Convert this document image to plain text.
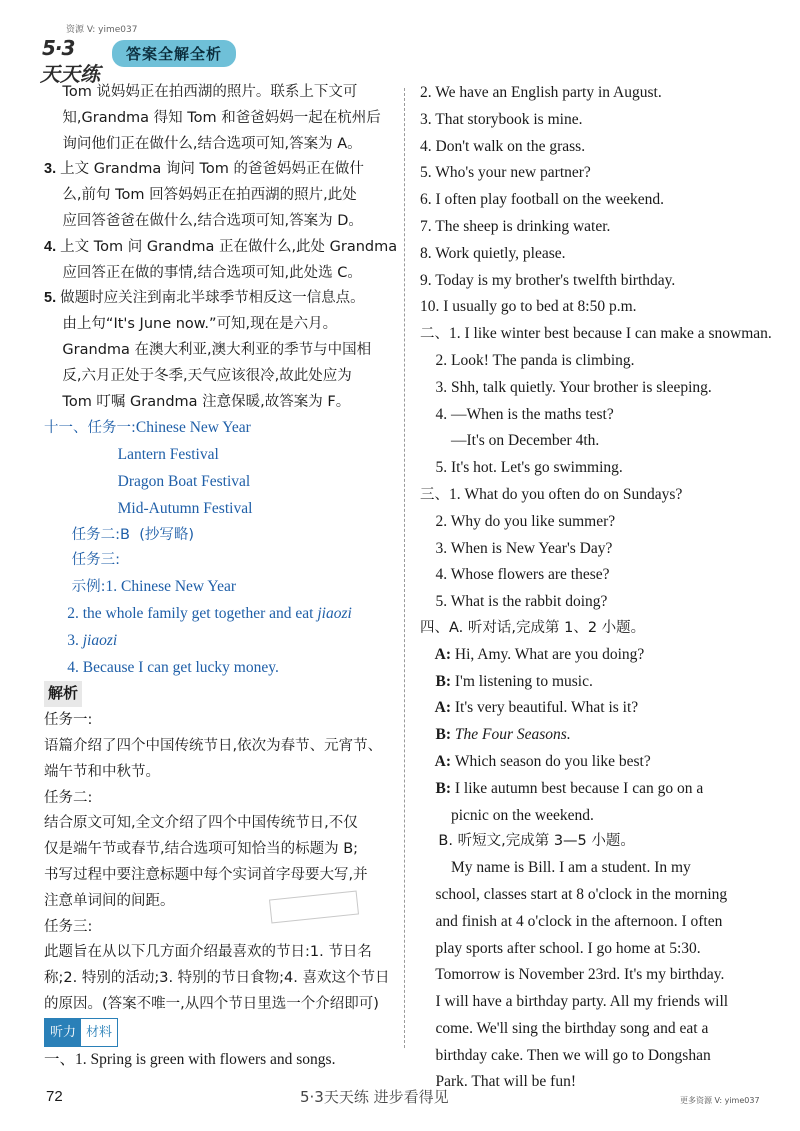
5·3
天天练
资源 V: yime037
答案全解全析
Tom 说妈妈正在拍西湖的照片。联系上下文可
知,Grandma 得知 Tom 和爸爸妈妈一起在杭州后
询问他们正在做什么,结合选项可知,答案为 A。
3. 上文 Grandma 询问 Tom 的爸爸妈妈正在做什
么,前句 Tom 回答妈妈正在拍西湖的照片,此处
应回答爸爸在做什么,结合选项可知,答案为 D。
4. 上文 Tom 问 Grandma 正在做什么,此处 Grandma
应回答正在做的事情,结合选项可知,此处选 C。
5. 做题时应关注到南北半球季节相反这一信息点。
由上句“It's June now.”可知,现在是六月。
Grandma 在澳大利亚,澳大利亚的季节与中国相
反,六月正处于冬季,天气应该很冷,故此处应为
Tom 叮嘱 Grandma 注意保暖,故答案为 F。
十一、任务一:Chinese New Year
Lantern Festival
Dragon Boat Festival
Mid-Autumn Festival
任务二:B  (抄写略)
任务三:
示例:1. Chinese New Year
2. the whole family get together and eat jiaozi
3. jiaozi
4. Because I can get lucky money.
解析
任务一:
语篇介绍了四个中国传统节日,依次为春节、元宵节、
端午节和中秋节。
任务二:
结合原文可知,全文介绍了四个中国传统节日,不仅
仅是端午节或春节,结合选项可知恰当的标题为 B;
书写过程中要注意标题中每个实词首字母要大写,并
注意单词间的间距。
任务三:
此题旨在从以下几方面介绍最喜欢的节日:1. 节日名
称;2. 特别的活动;3. 特别的节日食物;4. 喜欢这个节日
的原因。(答案不唯一,从四个节日里选一个介绍即可)
听力 材料
一、1. Spring is green with flowers and songs.
2. We have an English party in August.
3. That storybook is mine.
4. Don't walk on the grass.
5. Who's your new partner?
6. I often play football on the weekend.
7. The sheep is drinking water.
8. Work quietly, please.
9. Today is my brother's twelfth birthday.
10. I usually go to bed at 8:50 p.m.
二、1. I like winter best because I can make a snowman.
2. Look! The panda is climbing.
3. Shh, talk quietly. Your brother is sleeping.
4. —When is the maths test?
—It's on December 4th.
5. It's hot. Let's go swimming.
三、1. What do you often do on Sundays?
2. Why do you like summer?
3. When is New Year's Day?
4. Whose flowers are these?
5. What is the rabbit doing?
四、A. 听对话,完成第 1、2 小题。
A: Hi, Amy. What are you doing?
B: I'm listening to music.
A: It's very beautiful. What is it?
B: The Four Seasons.
A: Which season do you like best?
B: I like autumn best because I can go on a
picnic on the weekend.
B. 听短文,完成第 3—5 小题。
My name is Bill. I am a student. In my
school, classes start at 8 o'clock in the morning
and finish at 4 o'clock in the afternoon. I often
play sports after school. I go home at 5:30.
Tomorrow is November 23rd. It's my birthday.
I will have a birthday party. All my friends will
come. We'll sing the birthday song and eat a
birthday cake. Then we will go to Dongshan
Park. That will be fun!
72	5·3天天练 进步看得见	更多资源 V: yime037
